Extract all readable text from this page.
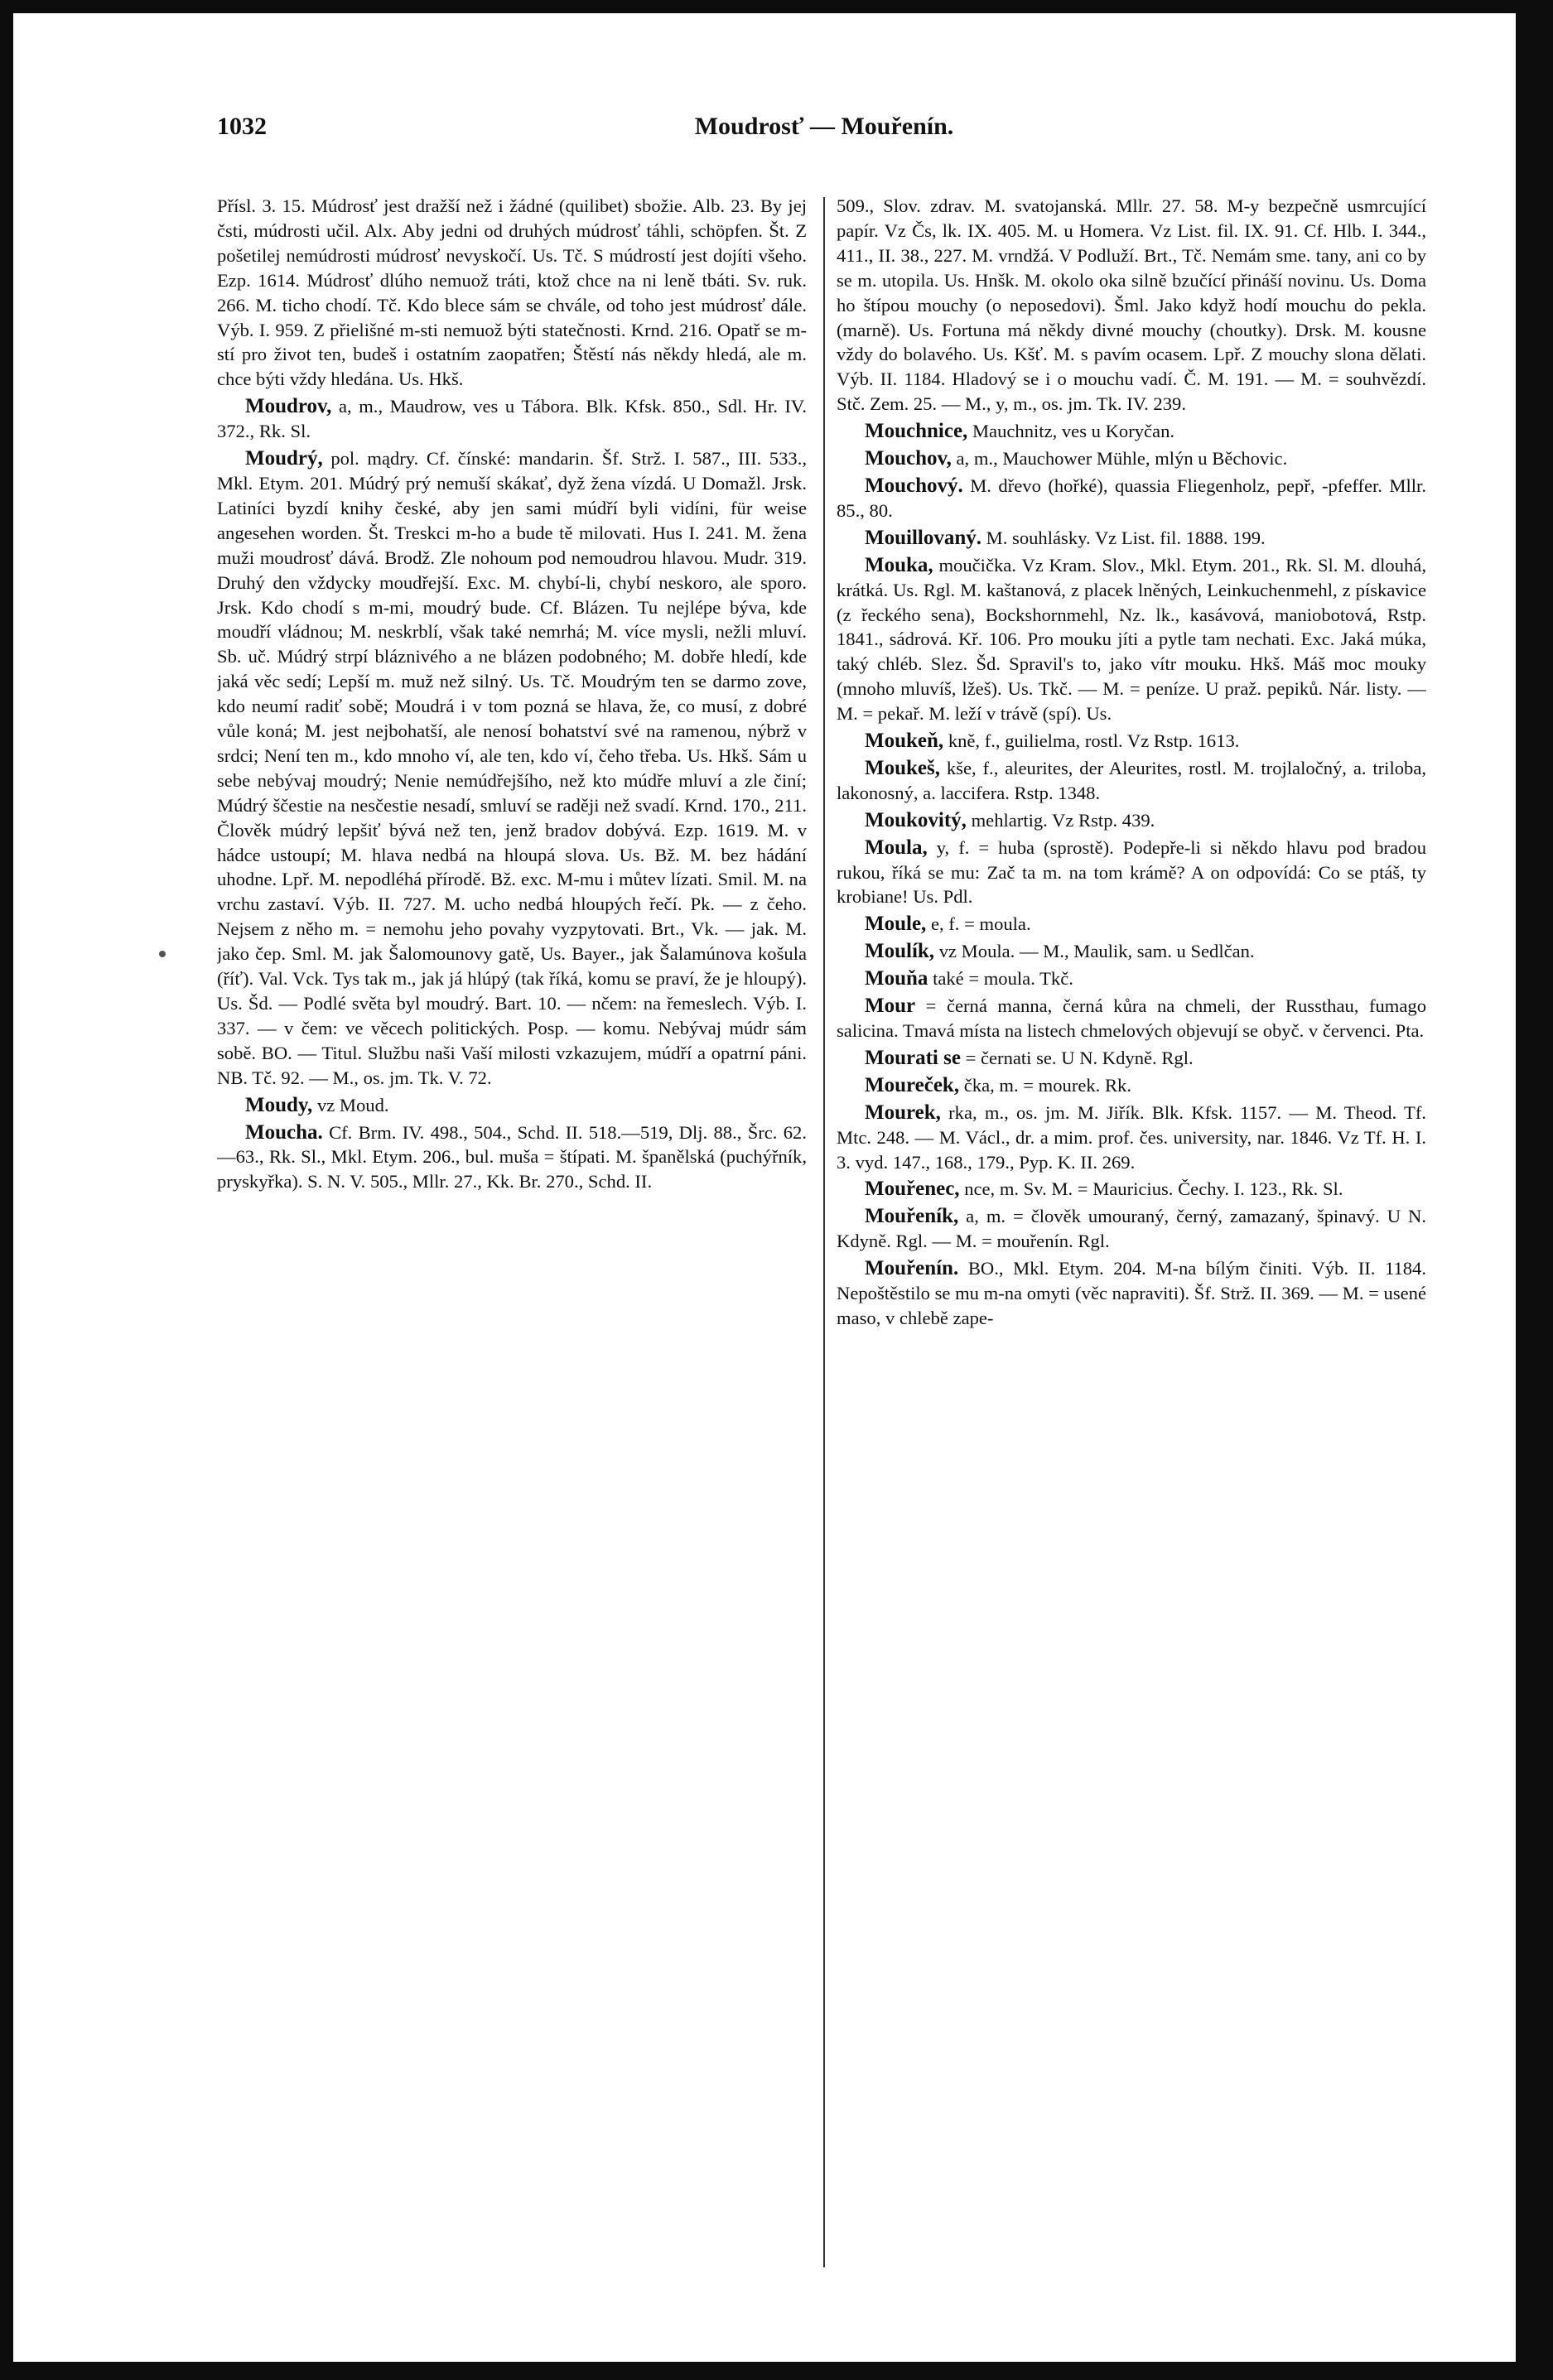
1032	Moudrosť — Mouřenín.

Přísl. 3. 15. Múdrosť jest dražší než i žádné (quilibet) sbožie. Alb. 23. By jej čsti, múdrosti učil. Alx. Aby jedni od druhých múdrosť táhli, schöpfen. Št. Z pošetilej nemúdrosti múdrosť nevyskočí. Us. Tč. S múdrostí jest dojíti všeho. Ezp. 1614. Múdrosť dlúho nemuož tráti, ktož chce na ni leně tbáti. Sv. ruk. 266. M. ticho chodí. Tč. Kdo blece sám se chvále, od toho jest múdrosť dále. Výb. I. 959. Z přielišné m-sti nemuož býti statečnosti. Krnd. 216. Opatř se m-stí pro život ten, budeš i ostatním zaopatřen; Štěstí nás někdy hledá, ale m. chce býti vždy hledána. Us. Hkš.

Moudrov, a, m., Maudrow, ves u Tábora. Blk. Kfsk. 850., Sdl. Hr. IV. 372., Rk. Sl.

Moudrý, pol. mądry. Cf. čínské: mandarin. Šf. Strž. I. 587., III. 533., Mkl. Etym. 201. Múdrý prý nemuší skákať, dyž žena vízdá. U Domažl. Jrsk. Latiníci byzdí knihy české, aby jen sami múdří byli vidíni, für weise angesehen worden. Št. Treskci m-ho a bude tě milovati. Hus I. 241. M. žena muži moudrosť dává. Brodž. Zle nohoum pod nemoudrou hlavou. Mudr. 319. Druhý den vždycky moudřejší. Exc. M. chybí-li, chybí neskoro, ale sporo. Jrsk. Kdo chodí s m-mi, moudrý bude. Cf. Blázen. Tu nejlépe býva, kde moudří vládnou; M. neskrblí, však také nemrhá; M. více mysli, nežli mluví. Sb. uč. Múdrý strpí bláznivého a ne blázen podobného; M. dobře hledí, kde jaká věc sedí; Lepší m. muž než silný. Us. Tč. Moudrým ten se darmo zove, kdo neumí radiť sobě; Moudrá i v tom pozná se hlava, že, co musí, z dobré vůle koná; M. jest nejbohatší, ale nenosí bohatství své na ramenou, nýbrž v srdci; Není ten m., kdo mnoho ví, ale ten, kdo ví, čeho třeba. Us. Hkš. Sám u sebe nebývaj moudrý; Nenie nemúdřejšího, než kto múdře mluví a zle činí; Múdrý ščestie na nesčestie nesadí, smluví se raději než svadí. Krnd. 170., 211. Člověk múdrý lepšiť bývá než ten, jenž bradov dobývá. Ezp. 1619. M. v hádce ustoupí; M. hlava nedbá na hloupá slova. Us. Bž. M. bez hádání uhodne. Lpř. M. nepodléhá přírodě. Bž. exc. M-mu i můtev lízati. Smil. M. na vrchu zastaví. Výb. II. 727. M. ucho nedbá hloupých řečí. Pk. — z čeho. Nejsem z něho m. = nemohu jeho povahy vyzpytovati. Brt., Vk. — jak. M. jako čep. Sml. M. jak Šalomounovy gatě, Us. Bayer., jak Šalamúnova košula (říť). Val. Vck. Tys tak m., jak já hlúpý (tak říká, komu se praví, že je hloupý). Us. Šd. — Podlé světa byl moudrý. Bart. 10. — nčem: na řemeslech. Výb. I. 337. — v čem: ve věcech politických. Posp. — komu. Nebývaj múdr sám sobě. BO. — Titul. Službu naši Vaší milosti vzkazujem, múdří a opatrní páni. NB. Tč. 92. — M., os. jm. Tk. V. 72.

Moudy, vz Moud.

Moucha. Cf. Brm. IV. 498., 504., Schd. II. 518.—519, Dlj. 88., Šrc. 62.—63., Rk. Sl., Mkl. Etym. 206., bul. muša = štípati. M. španělská (puchýřník, pryskyřka). S. N. V. 505., Mllr. 27., Kk. Br. 270., Schd. II.

509., Slov. zdrav. M. svatojanská. Mllr. 27. 58. M-y bezpečně usmrcující papír. Vz Čs, lk. IX. 405. M. u Homera. Vz List. fil. IX. 91. Cf. Hlb. I. 344., 411., II. 38., 227. M. vrndžá. V Podluží. Brt., Tč. Nemám sme. tany, ani co by se m. utopila. Us. Hnšk. M. okolo oka silně bzučící přináší novinu. Us. Doma ho štípou mouchy (o neposedovi). Šml. Jako když hodí mouchu do pekla. (marně). Us. Fortuna má někdy divné mouchy (choutky). Drsk. M. kousne vždy do bolavého. Us. Kšť. M. s pavím ocasem. Lpř. Z mouchy slona dělati. Výb. II. 1184. Hladový se i o mouchu vadí. Č. M. 191. — M. = souhvězdí. Stč. Zem. 25. — M., y, m., os. jm. Tk. IV. 239.

Mouchnice, Mauchnitz, ves u Koryčan.

Mouchov, a, m., Mauchower Mühle, mlýn u Běchovic.

Mouchový. M. dřevo (hořké), quassia Fliegenholz, pepř, -pfeffer. Mllr. 85., 80.

Mouillovaný. M. souhlásky. Vz List. fil. 1888. 199.

Mouka, moučička. Vz Kram. Slov., Mkl. Etym. 201., Rk. Sl. M. dlouhá, krátká. Us. Rgl. M. kaštanová, z placek lněných, Leinkuchenmehl, z pískavice (z řeckého sena), Bockshornmehl, Nz. lk., kasávová, maniobotová, Rstp. 1841., sádrová. Kř. 106. Pro mouku jíti a pytle tam nechati. Exc. Jaká múka, taký chléb. Slez. Šd. Spravil's to, jako vítr mouku. Hkš. Máš moc mouky (mnoho mluvíš, lžeš). Us. Tkč. — M. = peníze. U praž. pepiků. Nár. listy. — M. = pekař. M. leží v trávě (spí). Us.

Moukeň, kně, f., guilielma, rostl. Vz Rstp. 1613.

Moukeš, kše, f., aleurites, der Aleurites, rostl. M. trojlaločný, a. triloba, lakonosný, a. laccifera. Rstp. 1348.

Moukovitý, mehlartig. Vz Rstp. 439.

Moula, y, f. = huba (sprostě). Podepře-li si někdo hlavu pod bradou rukou, říká se mu: Zač ta m. na tom krámě? A on odpovídá: Co se ptáš, ty krobiane! Us. Pdl.

Moule, e, f. = moula.

Moulík, vz Moula. — M., Maulik, sam. u Sedlčan.

Mouňa také = moula. Tkč.

Mour = černá manna, černá kůra na chmeli, der Russthau, fumago salicina. Tmavá místa na listech chmelových objevují se obyč. v červenci. Pta.

Mourati se = černati se. U N. Kdyně. Rgl.

Moureček, čka, m. = mourek. Rk.

Mourek, rka, m., os. jm. M. Jiřík. Blk. Kfsk. 1157. — M. Theod. Tf. Mtc. 248. — M. Václ., dr. a mim. prof. čes. university, nar. 1846. Vz Tf. H. I. 3. vyd. 147., 168., 179., Pyp. K. II. 269.

Mouřenec, nce, m. Sv. M. = Mauricius. Čechy. I. 123., Rk. Sl.

Mouřeník, a, m. = člověk umourаný, černý, zamazaný, špinavý. U N. Kdyně. Rgl. — M. = mouřenín. Rgl.

Mouřenín. BO., Mkl. Etym. 204. M-na bílým činiti. Výb. II. 1184. Nepoštěstilo se mu m-na omyti (věc napraviti). Šf. Strž. II. 369. — M. = usené maso, v chlebě zape-
